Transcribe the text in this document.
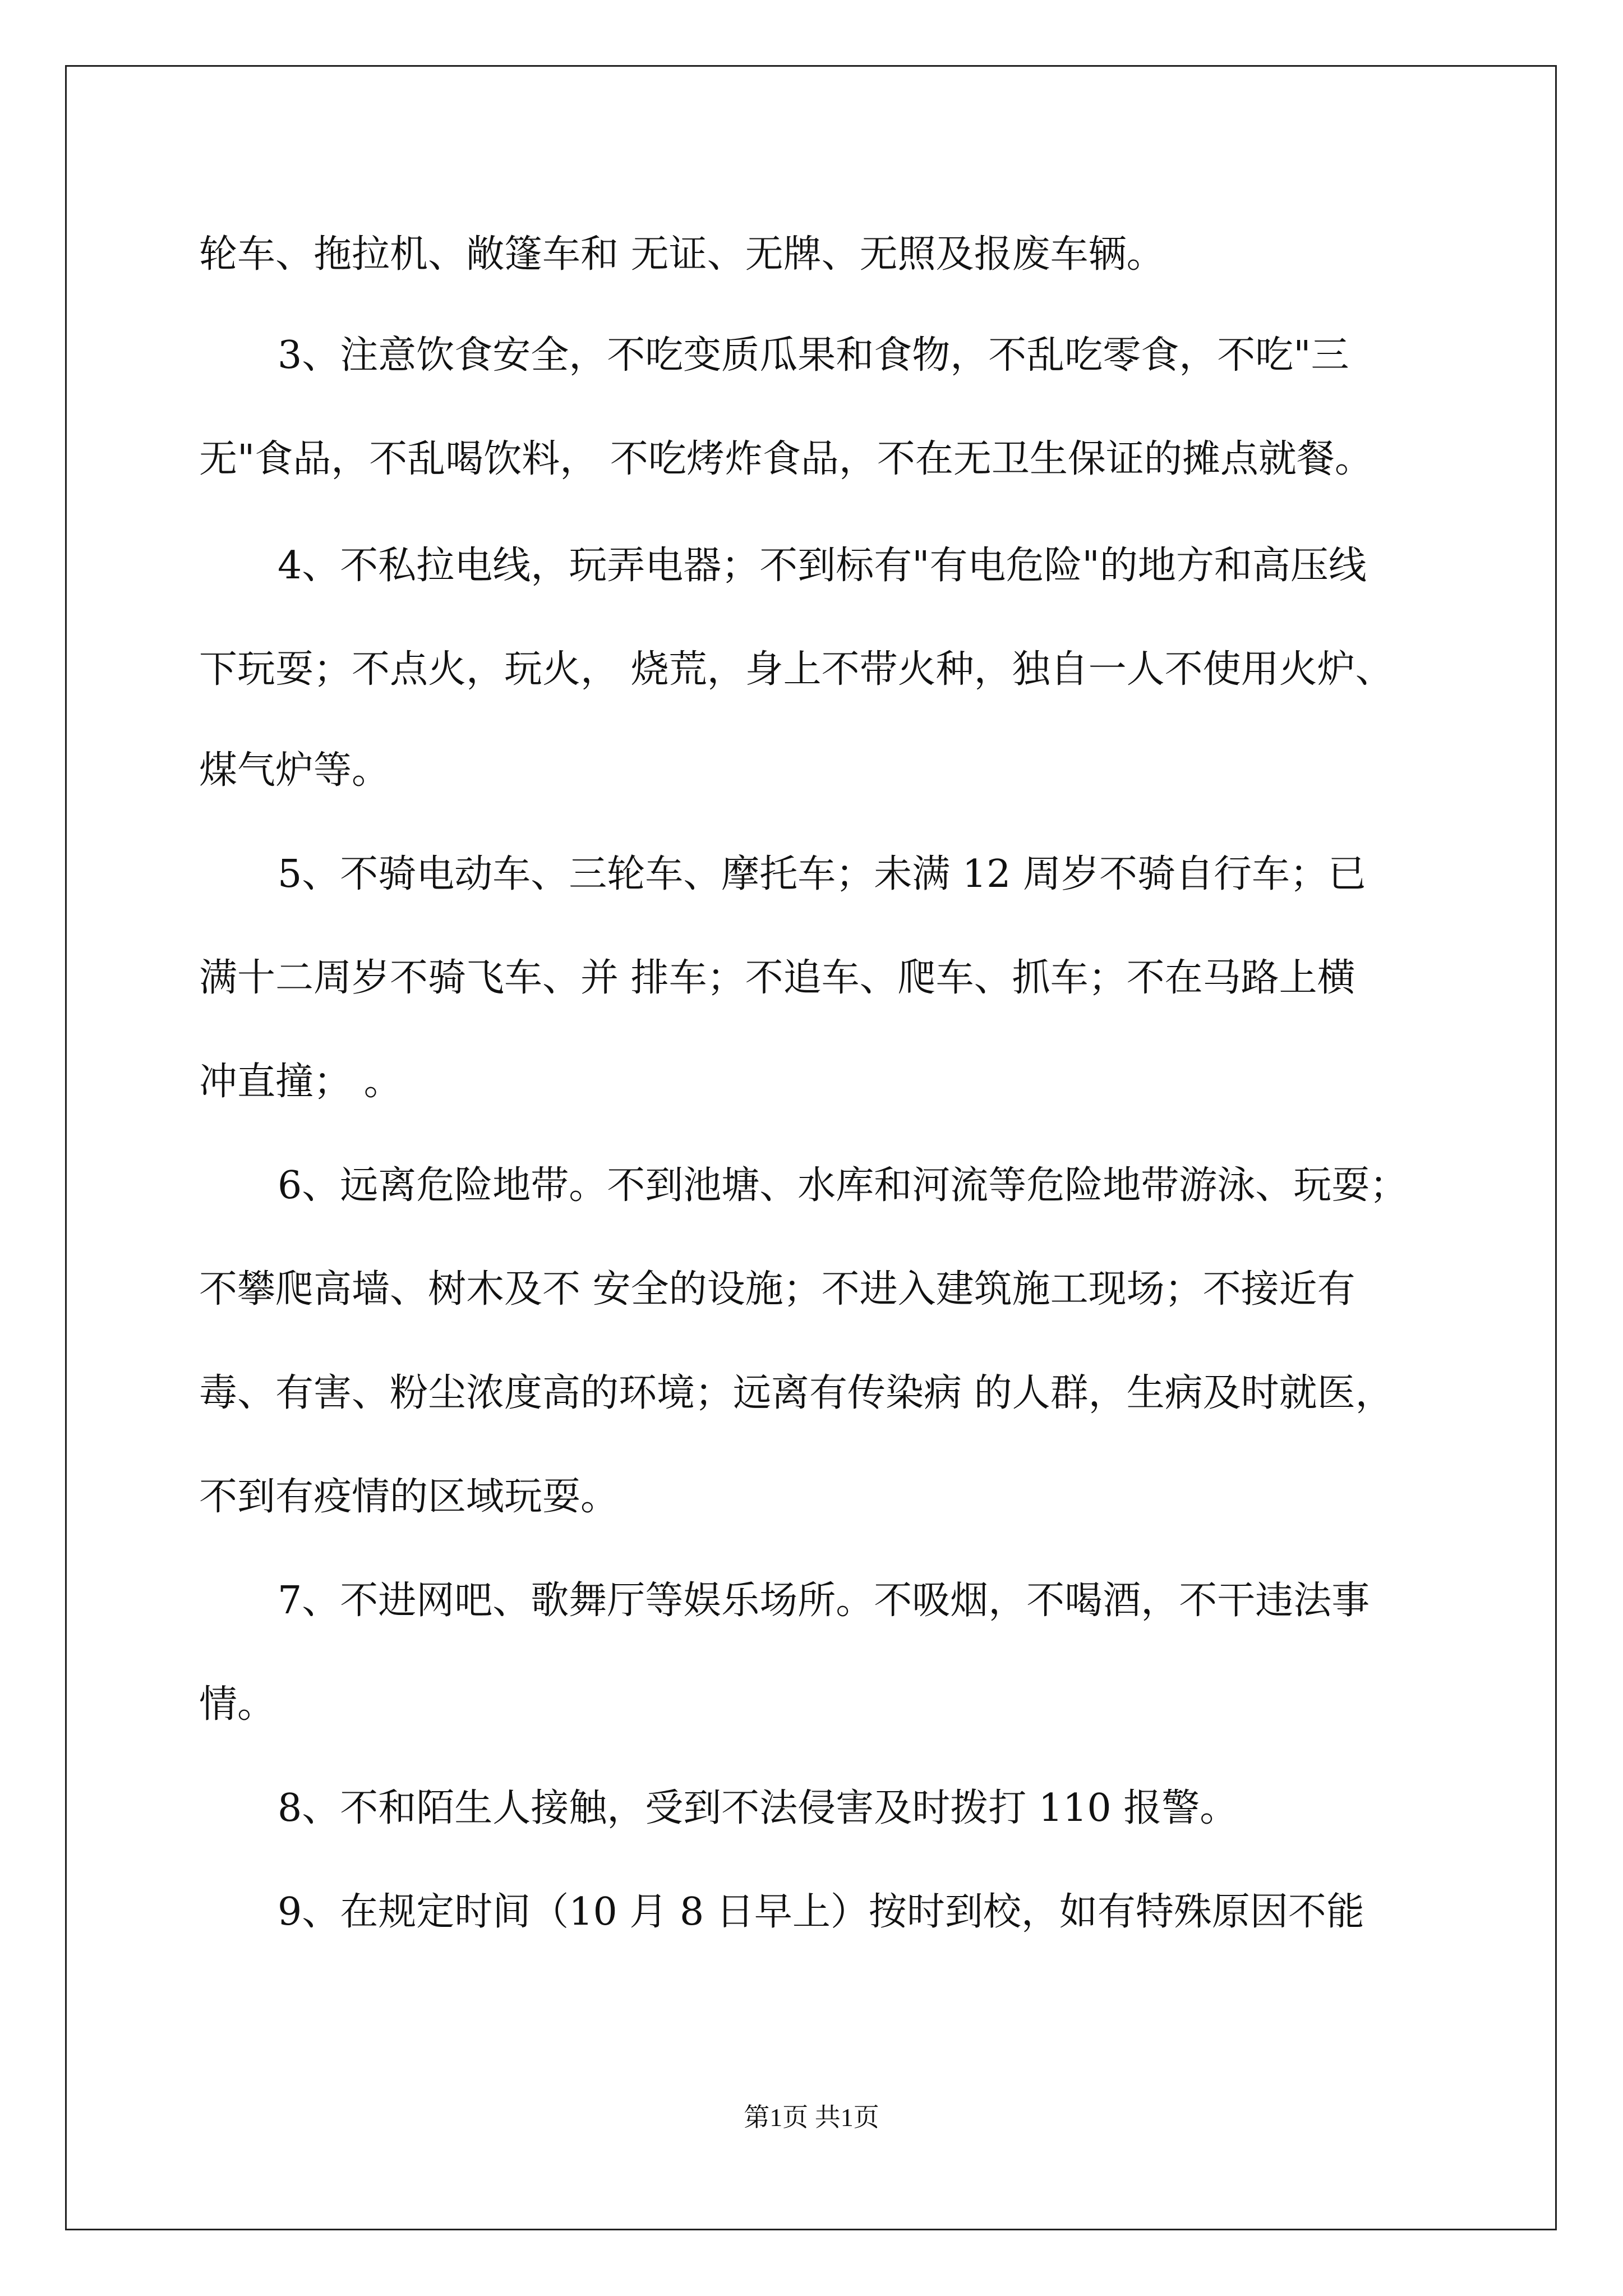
轮车、拖拉机、敞篷车和 无证、无牌、无照及报废车辆。
3、注意饮食安全，不吃变质瓜果和食物，不乱吃零食，不吃"三
无"食品，不乱喝饮料， 不吃烤炸食品，不在无卫生保证的摊点就餐。
4、不私拉电线，玩弄电器；不到标有"有电危险"的地方和高压线
下玩耍；不点火，玩火， 烧荒，身上不带火种，独自一人不使用火炉、
煤气炉等。
5、不骑电动车、三轮车、摩托车；未满 12 周岁不骑自行车；已
满十二周岁不骑飞车、并 排车；不追车、爬车、抓车；不在马路上横
冲直撞； 。
6、远离危险地带。不到池塘、水库和河流等危险地带游泳、玩耍；
不攀爬高墙、树木及不 安全的设施；不进入建筑施工现场；不接近有
毒、有害、粉尘浓度高的环境；远离有传染病 的人群，生病及时就医，
不到有疫情的区域玩耍。
7、不进网吧、歌舞厅等娱乐场所。不吸烟，不喝酒，不干违法事
情。
8、不和陌生人接触，受到不法侵害及时拨打 110 报警。
9、在规定时间（10 月 8 日早上）按时到校，如有特殊原因不能
第1页 共1页
